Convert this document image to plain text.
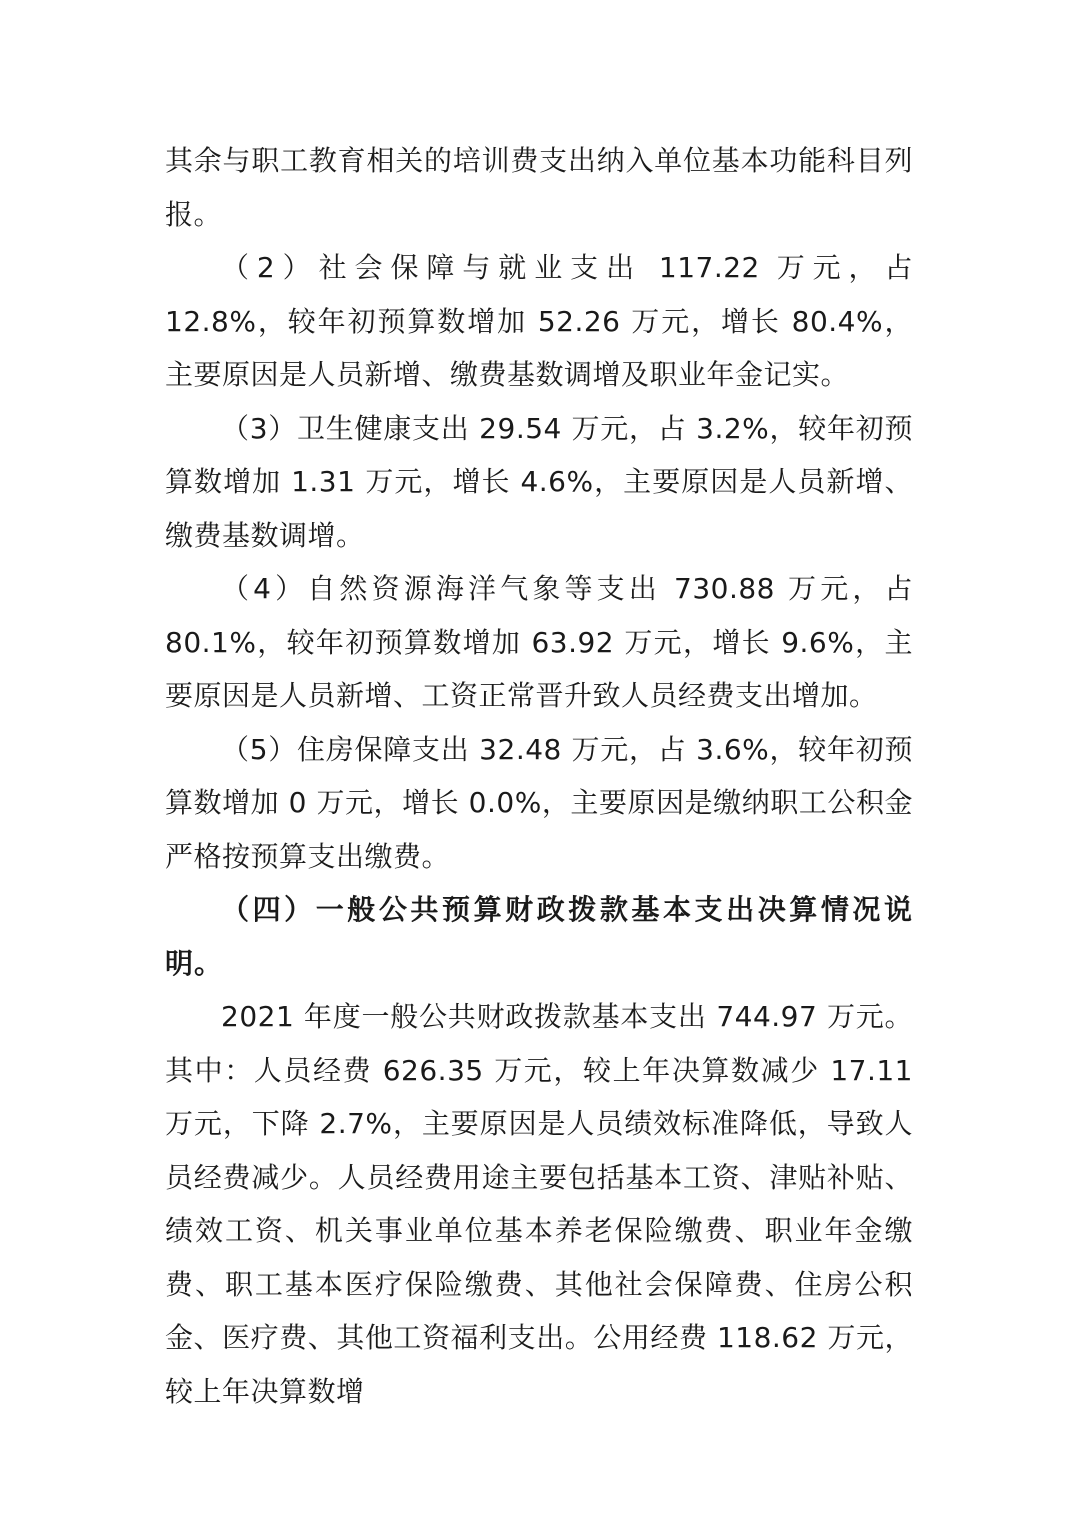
其余与职工教育相关的培训费支出纳入单位基本功能科目列报。

（2）社会保障与就业支出 117.22 万元，占 12.8%，较年初预算数增加 52.26 万元，增长 80.4%，主要原因是人员新增、缴费基数调增及职业年金记实。

（3）卫生健康支出 29.54 万元，占 3.2%，较年初预算数增加 1.31 万元，增长 4.6%，主要原因是人员新增、缴费基数调增。

（4）自然资源海洋气象等支出 730.88 万元，占 80.1%，较年初预算数增加 63.92 万元，增长 9.6%，主要原因是人员新增、工资正常晋升致人员经费支出增加。

（5）住房保障支出 32.48 万元，占 3.6%，较年初预算数增加 0 万元，增长 0.0%，主要原因是缴纳职工公积金严格按预算支出缴费。

（四）一般公共预算财政拨款基本支出决算情况说明。

2021 年度一般公共财政拨款基本支出 744.97 万元。其中：人员经费 626.35 万元，较上年决算数减少 17.11 万元，下降 2.7%，主要原因是人员绩效标准降低，导致人员经费减少。人员经费用途主要包括基本工资、津贴补贴、绩效工资、机关事业单位基本养老保险缴费、职业年金缴费、职工基本医疗保险缴费、其他社会保障费、住房公积金、医疗费、其他工资福利支出。公用经费 118.62 万元，较上年决算数增
